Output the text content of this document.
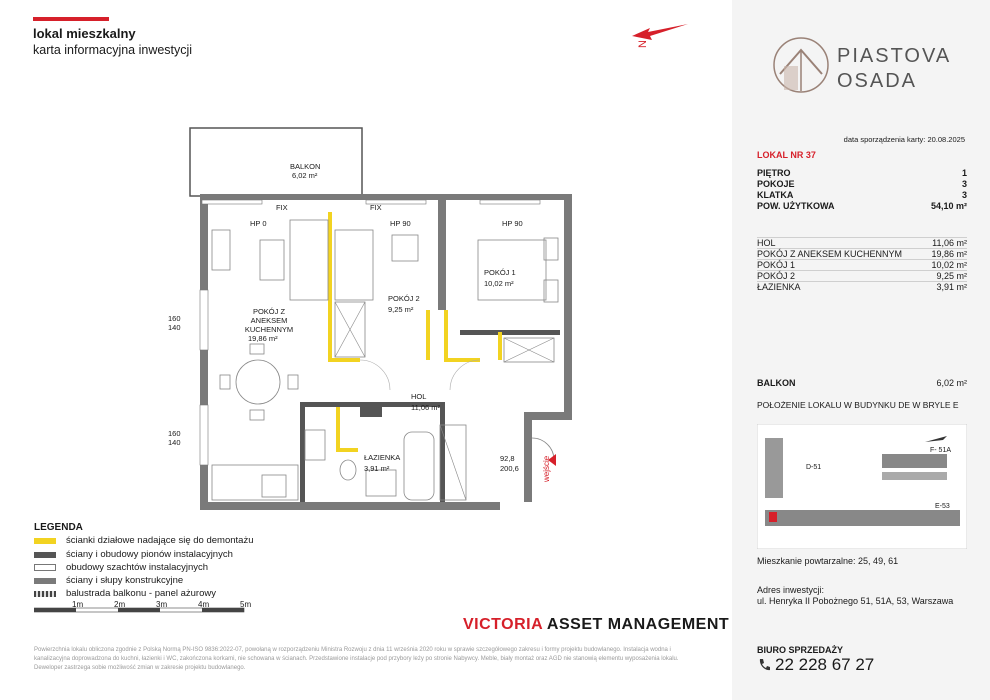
lokal mieszkalny
karta informacyjna inwestycji	N
BALKON
6,02 m²
POKÓJ Z ANEKSEM KUCHENNYM
19,86 m²
POKÓJ 2
9,25 m²
POKÓJ 1
10,02 m²
HOL
11,06 m²
ŁAZIENKA
3,91 m²
HP 0	HP 90	HP 90
FIX	FIX
160
140
160
140
92,8
200,6	wejście
LEGENDA
ścianki działowe nadające się do demontażu
ściany i obudowy pionów instalacyjnych
obudowy szachtów instalacyjnych
ściany i słupy konstrukcyjne
balustrada balkonu - panel ażurowy
1m	2m	3m	4m	5m
VICTORIA ASSET MANAGEMENT
Powierzchnia lokalu obliczona zgodnie z Polską Normą PN-ISO 9836:2022-07, powołaną w rozporządzeniu Ministra Rozwoju z dnia 11 września 2020 roku w sprawie szczegółowego zakresu i formy projektu budowlanego. Instalacja wodna i kanalizacyjna doprowadzona do kuchni, łazienki i WC, zakończona korkami, nie schowana w ścianach. Przedstawione instalacje pod przybory leży po stronie Nabywcy. Meble, biały montaż oraz AGD nie stanowią elementu wyposażenia lokalu. Deweloper zastrzega sobie możliwość zmian w zakresie projektu budowlanego.
PIASTOVA
OSADA
data sporządzenia karty: 20.08.2025
LOKAL NR 37
PIĘTRO	1
POKOJE	3
KLATKA	3
POW. UŻYTKOWA	54,10 m²
HOL	11,06 m²
POKÓJ Z ANEKSEM KUCHENNYM	19,86 m²
POKÓJ 1	10,02 m²
POKÓJ 2	9,25 m²
ŁAZIENKA	3,91 m²
BALKON	6,02 m²
POŁOŻENIE LOKALU W BUDYNKU DE W BRYLE E
D-51
F- 51A
E-53
Mieszkanie powtarzalne: 25, 49, 61
Adres inwestycji:
ul. Henryka II Pobożnego 51, 51A, 53, Warszawa
BIURO SPRZEDAŻY
22 228 67 27
